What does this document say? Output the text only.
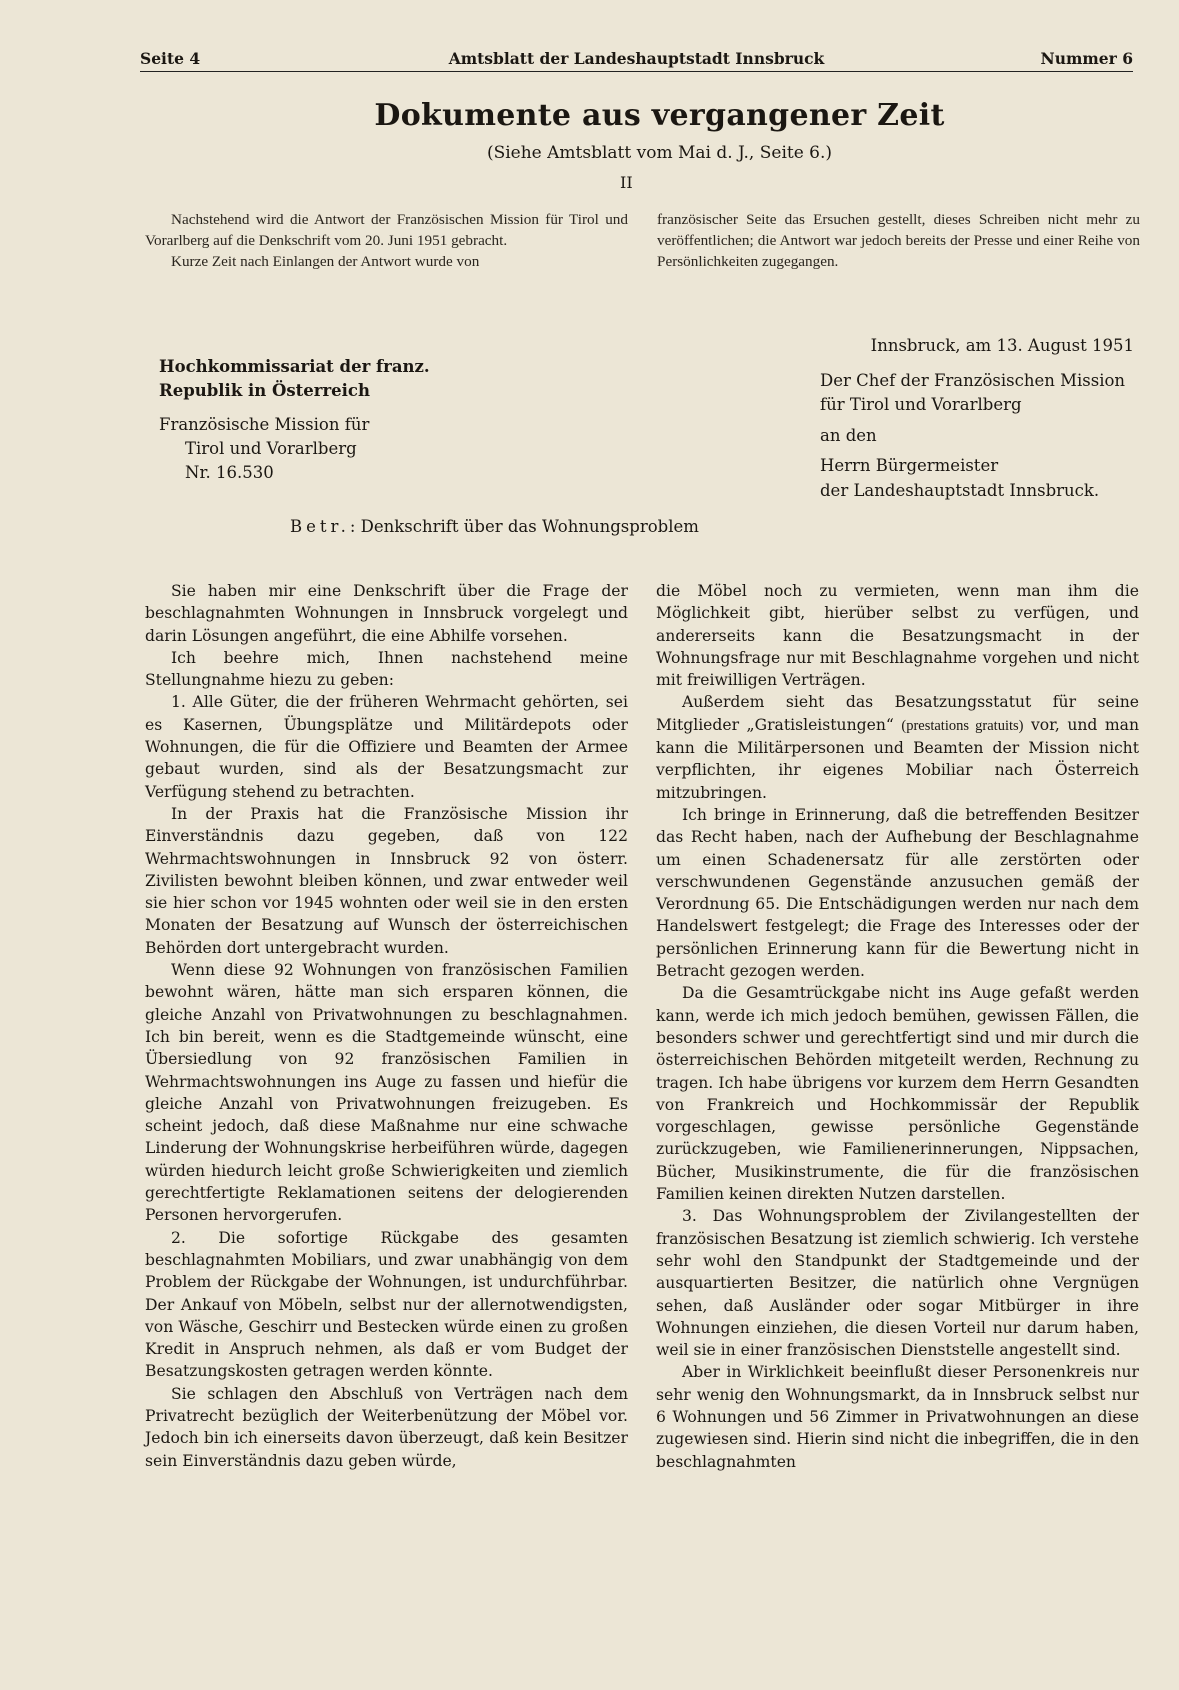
Seite 4	Amtsblatt der Landeshauptstadt Innsbruck	Nummer 6
Dokumente aus vergangener Zeit
(Siehe Amtsblatt vom Mai d. J., Seite 6.)
II

Nachstehend wird die Antwort der Französischen Mission für Tirol und Vorarlberg auf die Denkschrift vom 20. Juni 1951 gebracht.

Kurze Zeit nach Einlangen der Antwort wurde von

französischer Seite das Ersuchen gestellt, dieses Schreiben nicht mehr zu veröffentlichen; die Antwort war jedoch bereits der Presse und einer Reihe von Persönlichkeiten zugegangen.

Hochkommissariat der franz.
Republik in Österreich
Französische Mission für
Tirol und Vorarlberg
Nr. 16.530
Innsbruck, am 13. August 1951
Der Chef der Französischen Mission
für Tirol und Vorarlberg
an den
Herrn Bürgermeister
der Landeshauptstadt Innsbruck.
Betr.: Denkschrift über das Wohnungsproblem

Sie haben mir eine Denkschrift über die Frage der beschlagnahmten Wohnungen in Innsbruck vorgelegt und darin Lösungen angeführt, die eine Abhilfe vorsehen.

Ich beehre mich, Ihnen nachstehend meine Stellungnahme hiezu zu geben:

1. Alle Güter, die der früheren Wehrmacht gehörten, sei es Kasernen, Übungsplätze und Militärdepots oder Wohnungen, die für die Offiziere und Beamten der Armee gebaut wurden, sind als der Besatzungsmacht zur Verfügung stehend zu betrachten.

In der Praxis hat die Französische Mission ihr Einverständnis dazu gegeben, daß von 122 Wehrmachtswohnungen in Innsbruck 92 von österr. Zivilisten bewohnt bleiben können, und zwar entweder weil sie hier schon vor 1945 wohnten oder weil sie in den ersten Monaten der Besatzung auf Wunsch der österreichischen Behörden dort untergebracht wurden.

Wenn diese 92 Wohnungen von französischen Familien bewohnt wären, hätte man sich ersparen können, die gleiche Anzahl von Privatwohnungen zu beschlagnahmen. Ich bin bereit, wenn es die Stadtgemeinde wünscht, eine Übersiedlung von 92 französischen Familien in Wehrmachtswohnungen ins Auge zu fassen und hiefür die gleiche Anzahl von Privatwohnungen freizugeben. Es scheint jedoch, daß diese Maßnahme nur eine schwache Linderung der Wohnungskrise herbeiführen würde, dagegen würden hiedurch leicht große Schwierigkeiten und ziemlich gerechtfertigte Reklamationen seitens der delogierenden Personen hervorgerufen.

2. Die sofortige Rückgabe des gesamten beschlagnahmten Mobiliars, und zwar unabhängig von dem Problem der Rückgabe der Wohnungen, ist undurchführbar. Der Ankauf von Möbeln, selbst nur der allernotwendigsten, von Wäsche, Geschirr und Bestecken würde einen zu großen Kredit in Anspruch nehmen, als daß er vom Budget der Besatzungskosten getragen werden könnte.

Sie schlagen den Abschluß von Verträgen nach dem Privatrecht bezüglich der Weiterbenützung der Möbel vor. Jedoch bin ich einerseits davon überzeugt, daß kein Besitzer sein Einverständnis dazu geben würde,

die Möbel noch zu vermieten, wenn man ihm die Möglichkeit gibt, hierüber selbst zu verfügen, und andererseits kann die Besatzungsmacht in der Wohnungsfrage nur mit Beschlagnahme vorgehen und nicht mit freiwilligen Verträgen.

Außerdem sieht das Besatzungsstatut für seine Mitglieder „Gratisleistungen“ (prestations gratuits) vor, und man kann die Militärpersonen und Beamten der Mission nicht verpflichten, ihr eigenes Mobiliar nach Österreich mitzubringen.

Ich bringe in Erinnerung, daß die betreffenden Besitzer das Recht haben, nach der Aufhebung der Beschlagnahme um einen Schadenersatz für alle zerstörten oder verschwundenen Gegenstände anzusuchen gemäß der Verordnung 65. Die Entschädigungen werden nur nach dem Handelswert festgelegt; die Frage des Interesses oder der persönlichen Erinnerung kann für die Bewertung nicht in Betracht gezogen werden.

Da die Gesamtrückgabe nicht ins Auge gefaßt werden kann, werde ich mich jedoch bemühen, gewissen Fällen, die besonders schwer und gerechtfertigt sind und mir durch die österreichischen Behörden mitgeteilt werden, Rechnung zu tragen. Ich habe übrigens vor kurzem dem Herrn Gesandten von Frankreich und Hochkommissär der Republik vorgeschlagen, gewisse persönliche Gegenstände zurückzugeben, wie Familienerinnerungen, Nippsachen, Bücher, Musikinstrumente, die für die französischen Familien keinen direkten Nutzen darstellen.

3. Das Wohnungsproblem der Zivilangestellten der französischen Besatzung ist ziemlich schwierig. Ich verstehe sehr wohl den Standpunkt der Stadtgemeinde und der ausquartierten Besitzer, die natürlich ohne Vergnügen sehen, daß Ausländer oder sogar Mitbürger in ihre Wohnungen einziehen, die diesen Vorteil nur darum haben, weil sie in einer französischen Dienststelle angestellt sind.

Aber in Wirklichkeit beeinflußt dieser Personenkreis nur sehr wenig den Wohnungsmarkt, da in Innsbruck selbst nur 6 Wohnungen und 56 Zimmer in Privatwohnungen an diese zugewiesen sind. Hierin sind nicht die inbegriffen, die in den beschlagnahmten
